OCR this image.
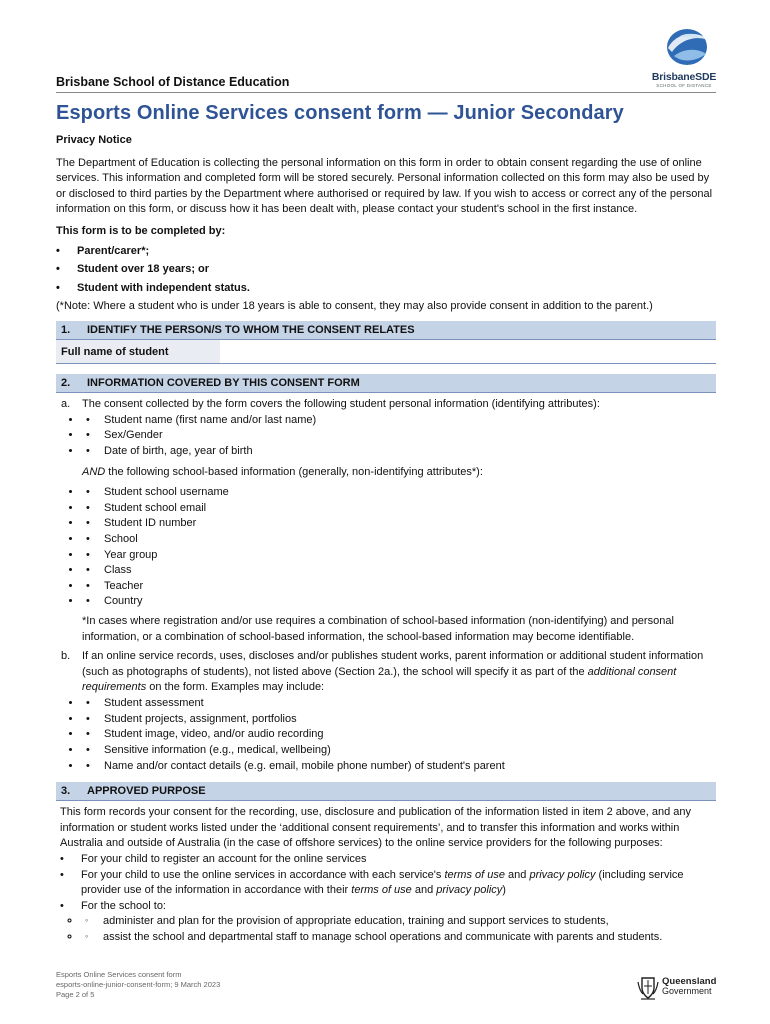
BrisbaneSDE
SCHOOL OF DISTANCE
Brisbane School of Distance Education
Esports Online Services consent form — Junior Secondary
Privacy Notice

The Department of Education is collecting the personal information on this form in order to obtain consent regarding the use of online services. This information and completed form will be stored securely. Personal information collected on this form may also be used by or disclosed to third parties by the Department where authorised or required by law. If you wish to access or correct any of the personal information on this form, or discuss how it has been dealt with, please contact your student's school in the first instance.

This form is to be completed by:

• Parent/carer*;
• Student over 18 years; or
• Student with independent status.

(*Note: Where a student who is under 18 years is able to consent, they may also provide consent in addition to the parent.)

1.	IDENTIFY THE PERSON/S TO WHOM THE CONSENT RELATES
Full name of student
2.	INFORMATION COVERED BY THIS CONSENT FORM
a. The consent collected by the form covers the following student personal information (identifying attributes):
• • Student name (first name and/or last name)
• • Sex/Gender
• • Date of birth, age, year of birth
AND the following school-based information (generally, non-identifying attributes*):
• • Student school username
• • Student school email
• • Student ID number
• • School
• • Year group
• • Class
• • Teacher
• • Country
*In cases where registration and/or use requires a combination of school-based information (non-identifying) and personal information, or a combination of school-based information, the school-based information may become identifiable.
b. If an online service records, uses, discloses and/or publishes student works, parent information or additional student information (such as photographs of students), not listed above (Section 2a.), the school will specify it as part of the additional consent requirements on the form. Examples may include:
• • Student assessment
• • Student projects, assignment, portfolios
• • Student image, video, and/or audio recording
• • Sensitive information (e.g., medical, wellbeing)
• • Name and/or contact details (e.g. email, mobile phone number) of student's parent
3.	APPROVED PURPOSE
This form records your consent for the recording, use, disclosure and publication of the information listed in item 2 above, and any information or student works listed under the ‘additional consent requirements’, and to transfer this information and works within Australia and outside of Australia (in the case of offshore services) to the online service providers for the following purposes:
• For your child to register an account for the online services
• For your child to use the online services in accordance with each service's terms of use and privacy policy (including service provider use of the information in accordance with their terms of use and privacy policy)
• For the school to:
◦ ◦ administer and plan for the provision of appropriate education, training and support services to students,
◦ ◦ assist the school and departmental staff to manage school operations and communicate with parents and students.
Esports Online Services consent form
esports-online-junior-consent-form; 9 March 2023
Page 2 of 5
Queensland
Government
